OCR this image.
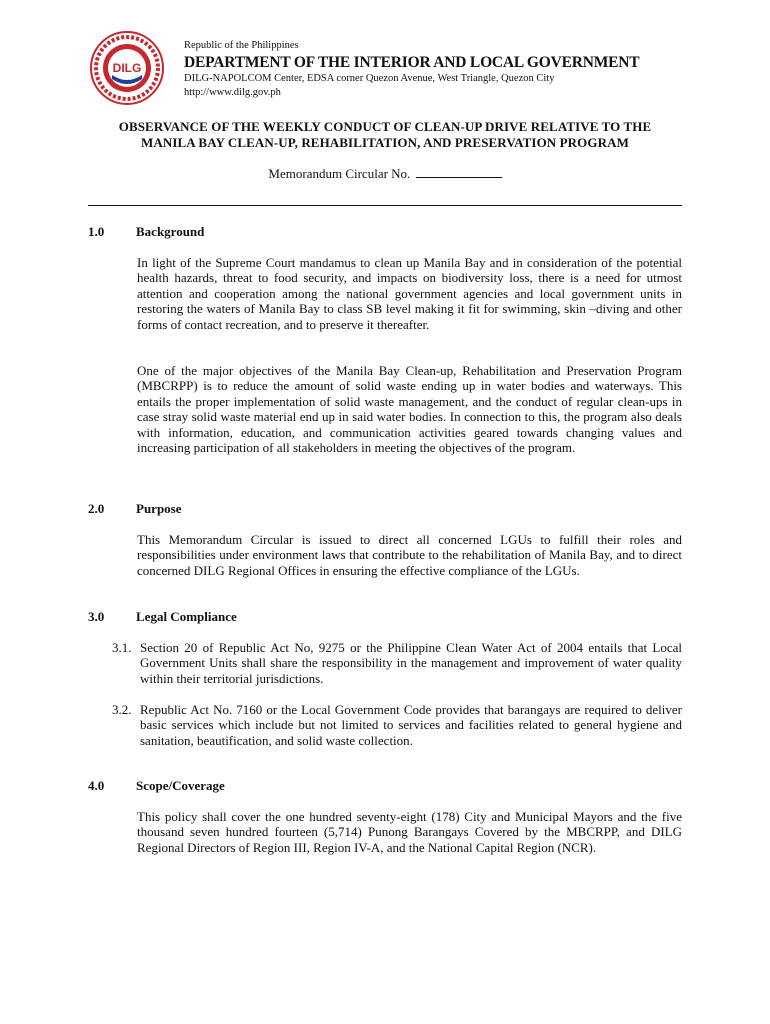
DILG
Republic of the Philippines
DEPARTMENT OF THE INTERIOR AND LOCAL GOVERNMENT
DILG-NAPOLCOM Center, EDSA corner Quezon Avenue, West Triangle, Quezon City
http://www.dilg.gov.ph
OBSERVANCE OF THE WEEKLY CONDUCT OF CLEAN-UP DRIVE RELATIVE TO THE
MANILA BAY CLEAN-UP, REHABILITATION, AND PRESERVATION PROGRAM
Memorandum Circular No.
1.0 Background

In light of the Supreme Court mandamus to clean up Manila Bay and in consideration of the potential health hazards, threat to food security, and impacts on biodiversity loss, there is a need for utmost attention and cooperation among the national government agencies and local government units in restoring the waters of Manila Bay to class SB level making it fit for swimming, skin –diving and other forms of contact recreation, and to preserve it thereafter.

One of the major objectives of the Manila Bay Clean-up, Rehabilitation and Preservation Program (MBCRPP) is to reduce the amount of solid waste ending up in water bodies and waterways. This entails the proper implementation of solid waste management, and the conduct of regular clean-ups in case stray solid waste material end up in said water bodies. In connection to this, the program also deals with information, education, and communication activities geared towards changing values and increasing participation of all stakeholders in meeting the objectives of the program.

2.0 Purpose

This Memorandum Circular is issued to direct all concerned LGUs to fulfill their roles and responsibilities under environment laws that contribute to the rehabilitation of Manila Bay, and to direct concerned DILG Regional Offices in ensuring the effective compliance of the LGUs.

3.0 Legal Compliance
3.1. Section 20 of Republic Act No, 9275 or the Philippine Clean Water Act of 2004 entails that Local Government Units shall share the responsibility in the management and improvement of water quality within their territorial jurisdictions.
3.2. Republic Act No. 7160 or the Local Government Code provides that barangays are required to deliver basic services which include but not limited to services and facilities related to general hygiene and sanitation, beautification, and solid waste collection.
4.0 Scope/Coverage

This policy shall cover the one hundred seventy-eight (178) City and Municipal Mayors and the five thousand seven hundred fourteen (5,714) Punong Barangays Covered by the MBCRPP, and DILG Regional Directors of Region III, Region IV-A, and the National Capital Region (NCR).
